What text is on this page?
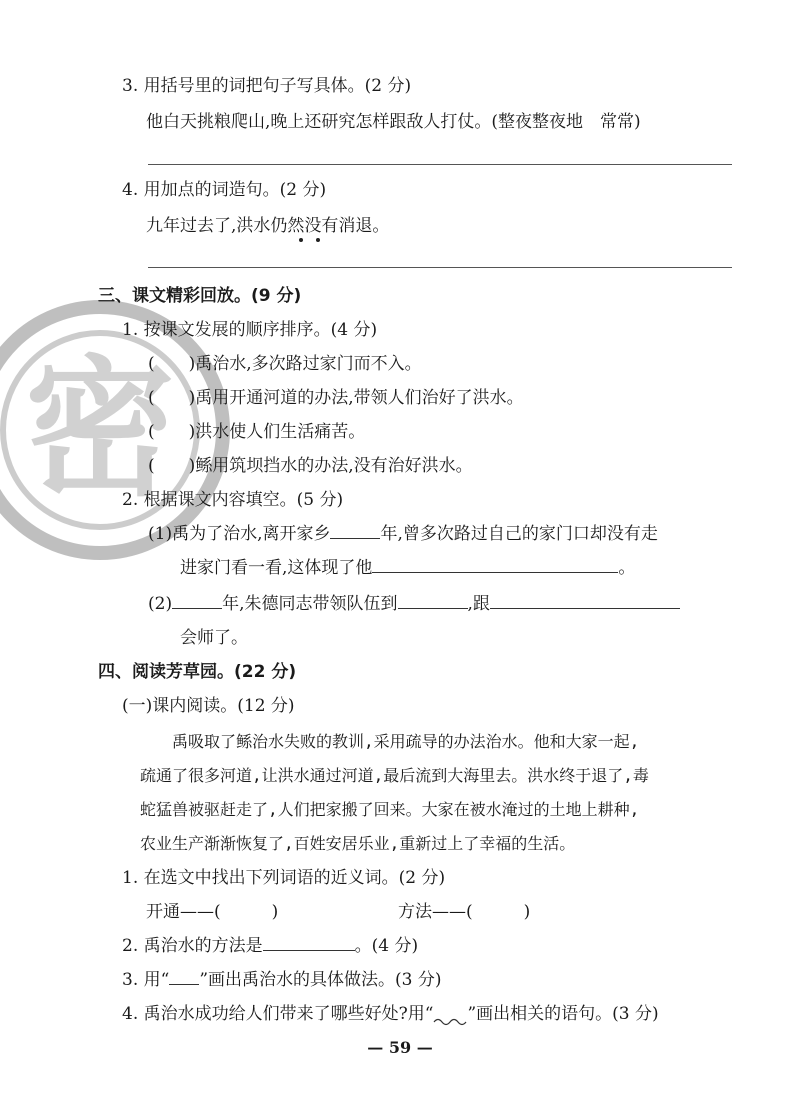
密
3. 用括号里的词把句子写具体。(2 分)
他白天挑粮爬山,晚上还研究怎样跟敌人打仗。(整夜整夜地　常常)
4. 用加点的词造句。(2 分)
九年过去了,洪水仍然没有消退。
三、课文精彩回放。(9 分)
1. 按课文发展的顺序排序。(4 分)
(　　)禹治水,多次路过家门而不入。
(　　)禹用开通河道的办法,带领人们治好了洪水。
(　　)洪水使人们生活痛苦。
(　　)鲧用筑坝挡水的办法,没有治好洪水。
2. 根据课文内容填空。(5 分)
(1)禹为了治水,离开家乡	年,曾多次路过自己的家门口却没有走
进家门看一看,这体现了他	。
(2)	年,朱德同志带领队伍到	,跟
会师了。
四、阅读芳草园。(22 分)
(一)课内阅读。(12 分)
禹吸取了鲧治水失败的教训,采用疏导的办法治水。他和大家一起,
疏通了很多河道,让洪水通过河道,最后流到大海里去。洪水终于退了,毒
蛇猛兽被驱赶走了,人们把家搬了回来。大家在被水淹过的土地上耕种,
农业生产渐渐恢复了,百姓安居乐业,重新过上了幸福的生活。
1. 在选文中找出下列词语的近义词。(2 分)
开通——(　　　)	方法——(　　　)
2. 禹治水的方法是	。(4 分)
3. 用“ ”画出禹治水的具体做法。(3 分)
4. 禹治水成功给人们带来了哪些好处?用“ ”画出相关的语句。(3 分)
— 59 —
